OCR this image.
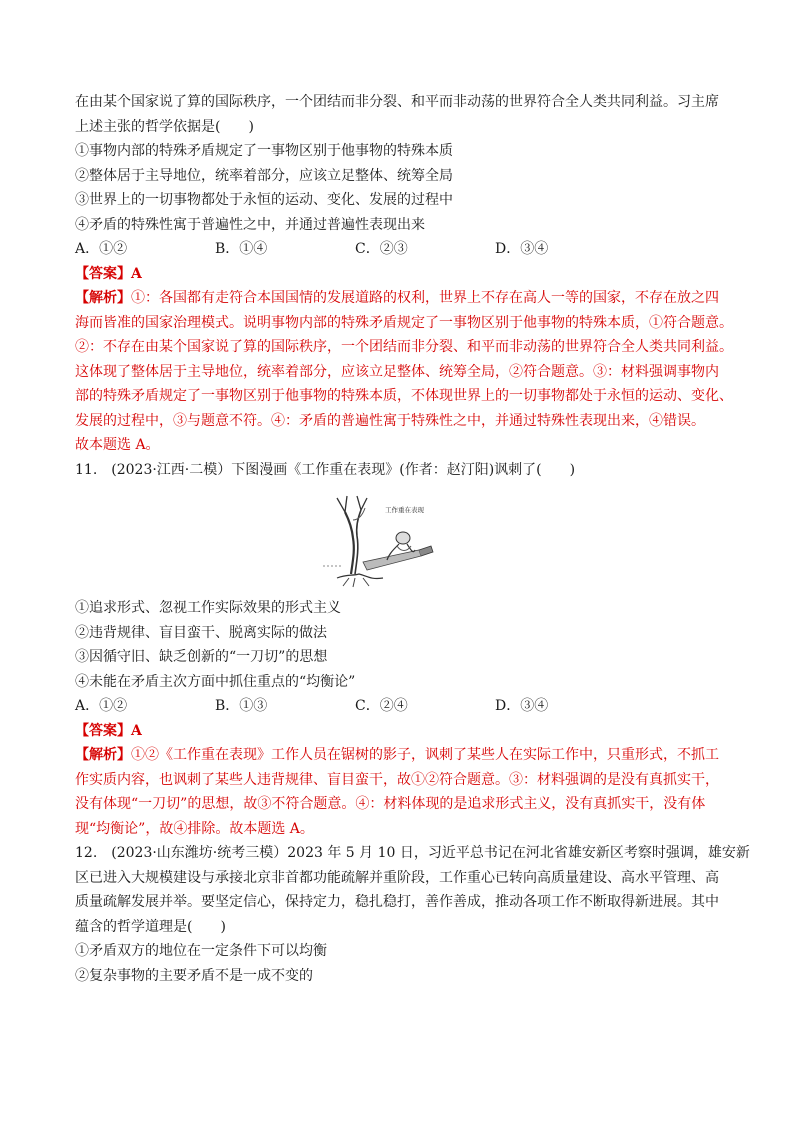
在由某个国家说了算的国际秩序，一个团结而非分裂、和平而非动荡的世界符合全人类共同利益。习主席
上述主张的哲学依据是(　　)
①事物内部的特殊矛盾规定了一事物区别于他事物的特殊本质
②整体居于主导地位，统率着部分，应该立足整体、统筹全局
③世界上的一切事物都处于永恒的运动、变化、发展的过程中
④矛盾的特殊性寓于普遍性之中，并通过普遍性表现出来
A．①②	B．①④	C．②③	D．③④
【答案】A
【解析】①：各国都有走符合本国国情的发展道路的权利，世界上不存在高人一等的国家，不存在放之四
海而皆准的国家治理模式。说明事物内部的特殊矛盾规定了一事物区别于他事物的特殊本质，①符合题意。
②：不存在由某个国家说了算的国际秩序，一个团结而非分裂、和平而非动荡的世界符合全人类共同利益。
这体现了整体居于主导地位，统率着部分，应该立足整体、统筹全局，②符合题意。③：材料强调事物内
部的特殊矛盾规定了一事物区别于他事物的特殊本质，不体现世界上的一切事物都处于永恒的运动、变化、
发展的过程中，③与题意不符。④：矛盾的普遍性寓于特殊性之中，并通过特殊性表现出来，④错误。
故本题选 A。
11.　(2023·江西·二模）下图漫画《工作重在表现》(作者：赵汀阳)讽刺了(　　)
工作重在表现
①追求形式、忽视工作实际效果的形式主义
②违背规律、盲目蛮干、脱离实际的做法
③因循守旧、缺乏创新的“一刀切”的思想
④未能在矛盾主次方面中抓住重点的“均衡论”
A．①②	B．①③	C．②④	D．③④
【答案】A
【解析】①②《工作重在表现》工作人员在锯树的影子，讽刺了某些人在实际工作中，只重形式，不抓工
作实质内容，也讽刺了某些人违背规律、盲目蛮干，故①②符合题意。③：材料强调的是没有真抓实干，
没有体现“一刀切”的思想，故③不符合题意。④：材料体现的是追求形式主义，没有真抓实干，没有体
现“均衡论”，故④排除。故本题选 A。
12.　(2023·山东潍坊·统考三模）2023 年 5 月 10 日，习近平总书记在河北省雄安新区考察时强调，雄安新
区已进入大规模建设与承接北京非首都功能疏解并重阶段，工作重心已转向高质量建设、高水平管理、高
质量疏解发展并举。要坚定信心，保持定力，稳扎稳打，善作善成，推动各项工作不断取得新进展。其中
蕴含的哲学道理是(　　)
①矛盾双方的地位在一定条件下可以均衡
②复杂事物的主要矛盾不是一成不变的
